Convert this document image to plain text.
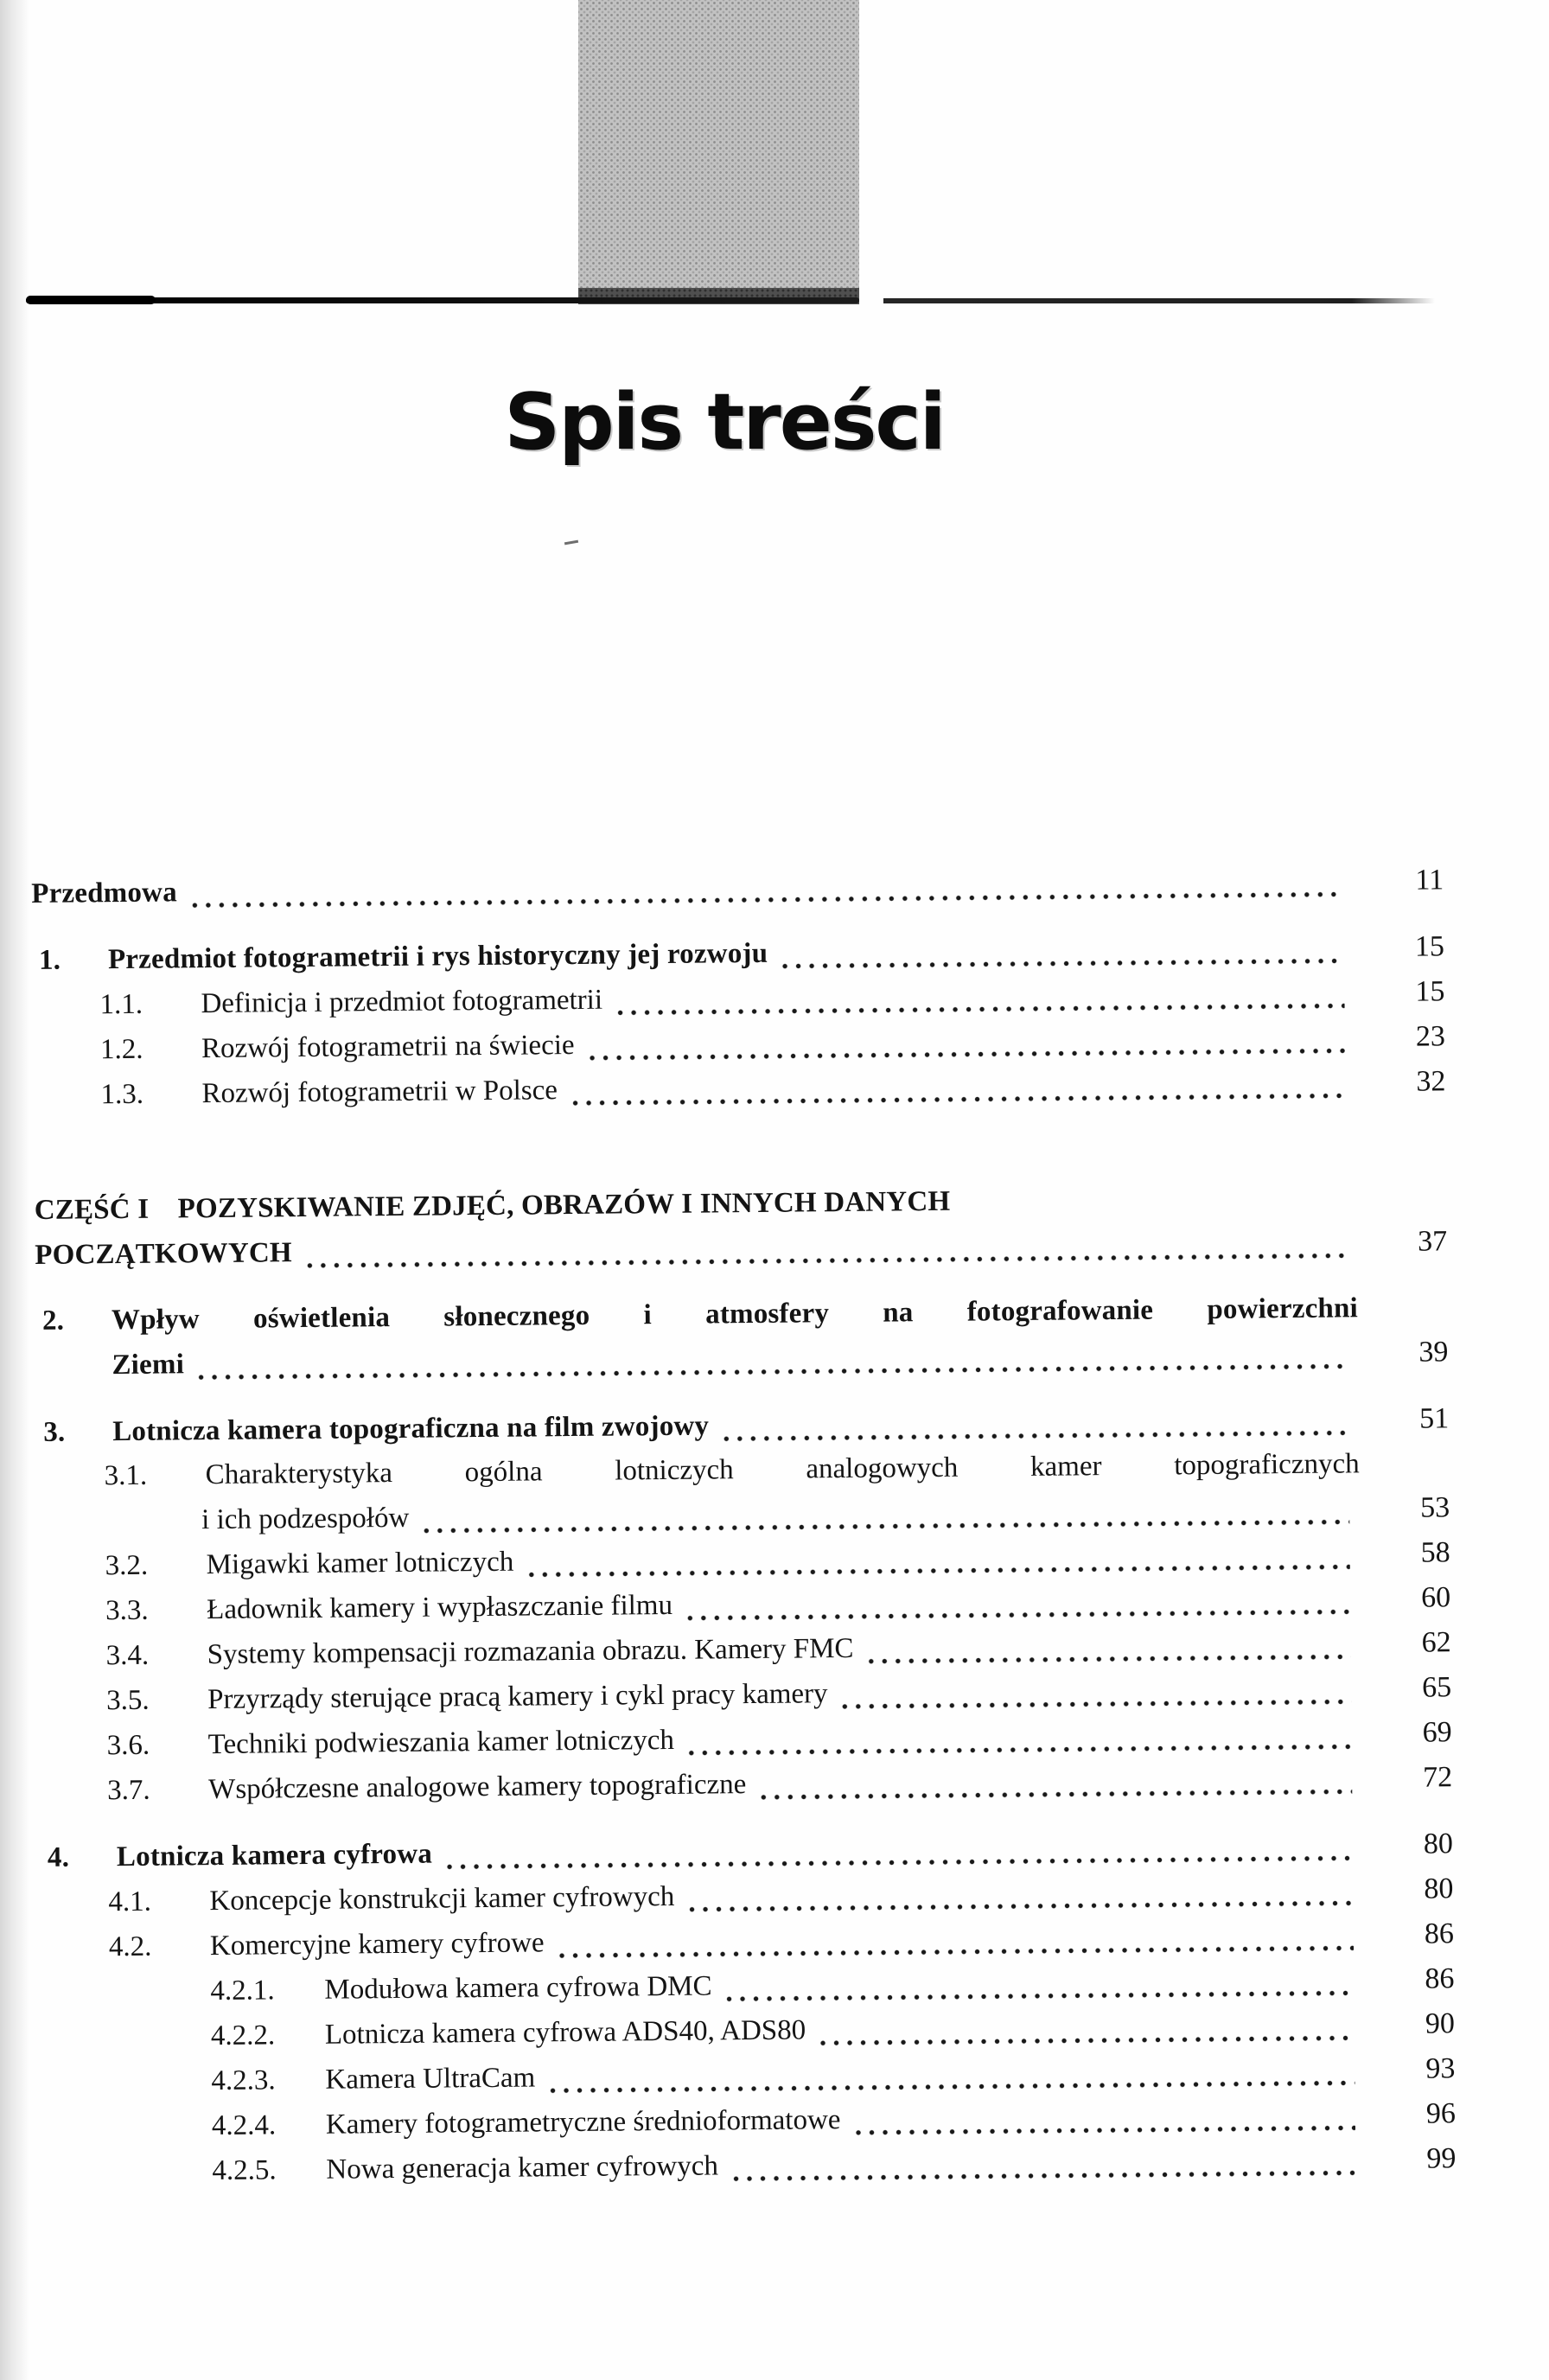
Spis treści
Przedmowa	11
1.	Przedmiot fotogrametrii i rys historyczny jej rozwoju	15
1.1.	Definicja i przedmiot fotogrametrii	15
1.2.	Rozwój fotogrametrii na świecie	23
1.3.	Rozwój fotogrametrii w Polsce	32
CZĘŚĆ I  POZYSKIWANIE ZDJĘĆ, OBRAZÓW I INNYCH DANYCH
POCZĄTKOWYCH	37
2.	Wpływ oświetlenia słonecznego i atmosfery na fotografowanie powierzchni
Ziemi	39
3.	Lotnicza kamera topograficzna na film zwojowy	51
3.1.	Charakterystyka ogólna lotniczych analogowych kamer topograficznych
i ich podzespołów	53
3.2.	Migawki kamer lotniczych	58
3.3.	Ładownik kamery i wypłaszczanie filmu	60
3.4.	Systemy kompensacji rozmazania obrazu. Kamery FMC	62
3.5.	Przyrządy sterujące pracą kamery i cykl pracy kamery	65
3.6.	Techniki podwieszania kamer lotniczych	69
3.7.	Współczesne analogowe kamery topograficzne	72
4.	Lotnicza kamera cyfrowa	80
4.1.	Koncepcje konstrukcji kamer cyfrowych	80
4.2.	Komercyjne kamery cyfrowe	86
4.2.1.	Modułowa kamera cyfrowa DMC	86
4.2.2.	Lotnicza kamera cyfrowa ADS40, ADS80	90
4.2.3.	Kamera UltraCam	93
4.2.4.	Kamery fotogrametryczne średnioformatowe	96
4.2.5.	Nowa generacja kamer cyfrowych	99
